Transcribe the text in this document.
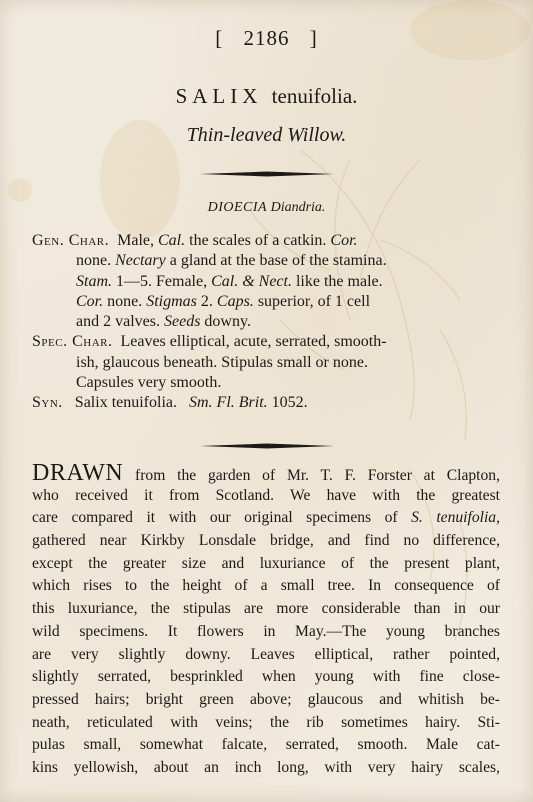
[ 2186 ]
SALIX tenuifolia.
Thin-leaved Willow.
DIOECIA Diandria.
Gen. Char. Male, Cal. the scales of a catkin. Cor.
none. Nectary a gland at the base of the stamina.
Stam. 1—5. Female, Cal. & Nect. like the male.
Cor. none. Stigmas 2. Caps. superior, of 1 cell
and 2 valves. Seeds downy.
Spec. Char. Leaves elliptical, acute, serrated, smooth-
ish, glaucous beneath. Stipulas small or none.
Capsules very smooth.
Syn. Salix tenuifolia. Sm. Fl. Brit. 1052.
DRAWN from the garden of Mr. T. F. Forster at Clapton,
who received it from Scotland. We have with the greatest
care compared it with our original specimens of S. tenuifolia,
gathered near Kirkby Lonsdale bridge, and find no difference,
except the greater size and luxuriance of the present plant,
which rises to the height of a small tree. In consequence of
this luxuriance, the stipulas are more considerable than in our
wild specimens. It flowers in May.—The young branches
are very slightly downy. Leaves elliptical, rather pointed,
slightly serrated, besprinkled when young with fine close-
pressed hairs; bright green above; glaucous and whitish be-
neath, reticulated with veins; the rib sometimes hairy. Sti-
pulas small, somewhat falcate, serrated, smooth. Male cat-
kins yellowish, about an inch long, with very hairy scales,
